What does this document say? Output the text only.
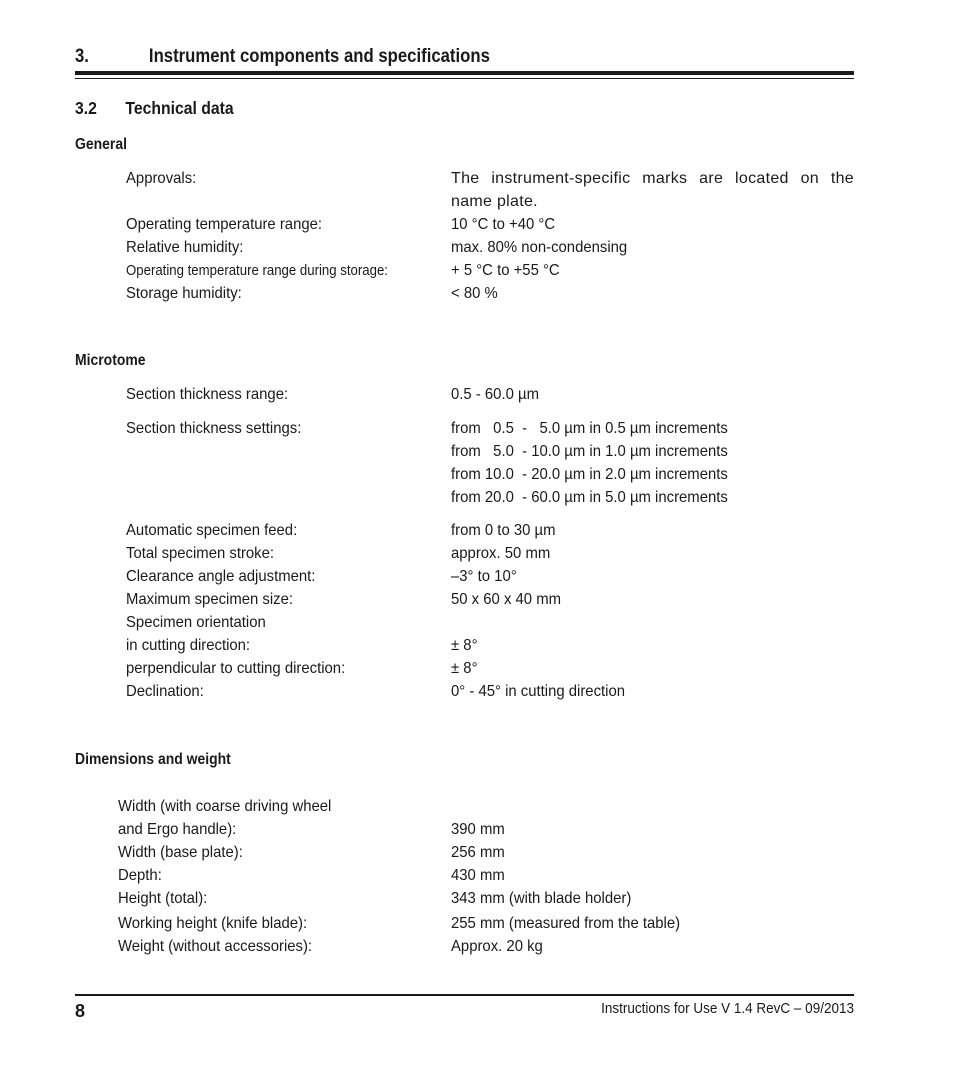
3.	Instrument components and specifications
3.2 Technical data
General
Approvals:	The instrument-specific marks are located on the name plate.
Operating temperature range:	10 °C to +40 °C
Relative humidity:	max. 80% non-condensing
Operating temperature range during storage:	+ 5 °C to +55 °C
Storage humidity:	< 80 %
Microtome
Section thickness range:	0.5 - 60.0 µm
Section thickness settings:	from   0.5  -   5.0 µm in 0.5 µm increments
from   5.0  - 10.0 µm in 1.0 µm increments
from 10.0  - 20.0 µm in 2.0 µm increments
from 20.0  - 60.0 µm in 5.0 µm increments
Automatic specimen feed:	from 0 to 30 µm
Total specimen stroke:	approx. 50 mm
Clearance angle adjustment:	–3° to 10°
Maximum specimen size:	50 x 60 x 40 mm
Specimen orientation
in cutting direction:	± 8°
perpendicular to cutting direction:	± 8°
Declination:	0° - 45° in cutting direction
Dimensions and weight
Width (with coarse driving wheel
and Ergo handle):	390 mm
Width (base plate):	256 mm
Depth:	430 mm
Height (total):	343 mm (with blade holder)
Working height (knife blade):	255 mm (measured from the table)
Weight (without accessories):	Approx. 20 kg
8	Instructions for Use V 1.4 RevC – 09/2013
